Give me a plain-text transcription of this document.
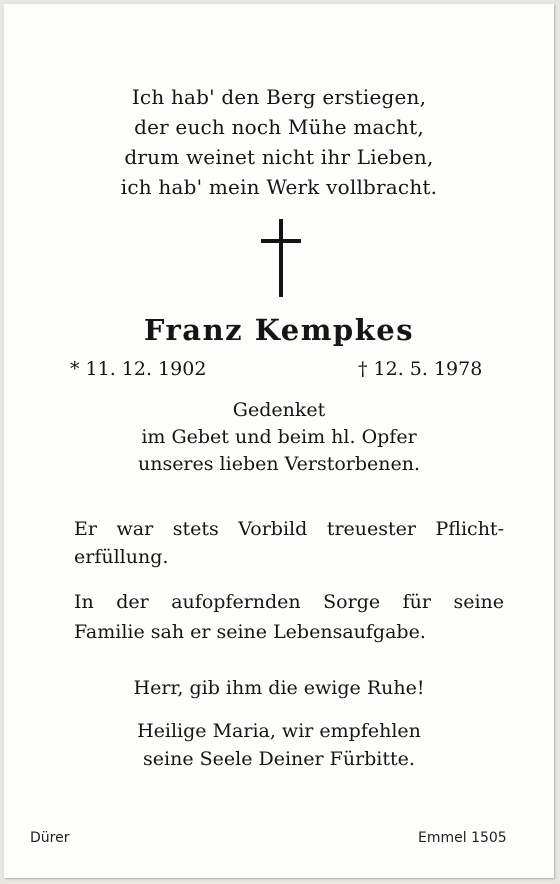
Ich hab' den Berg erstiegen,
der euch noch Mühe macht,
drum weinet nicht ihr Lieben,
ich hab' mein Werk vollbracht.
Franz Kempkes
* 11. 12. 1902	† 12. 5. 1978
Gedenket
im Gebet und beim hl. Opfer
unseres lieben Verstorbenen.
Er war stets Vorbild treuester Pflicht-
erfüllung.
In der aufopfernden Sorge für seine
Familie sah er seine Lebensaufgabe.
Herr, gib ihm die ewige Ruhe!
Heilige Maria, wir empfehlen
seine Seele Deiner Fürbitte.
Dürer	Emmel 1505
